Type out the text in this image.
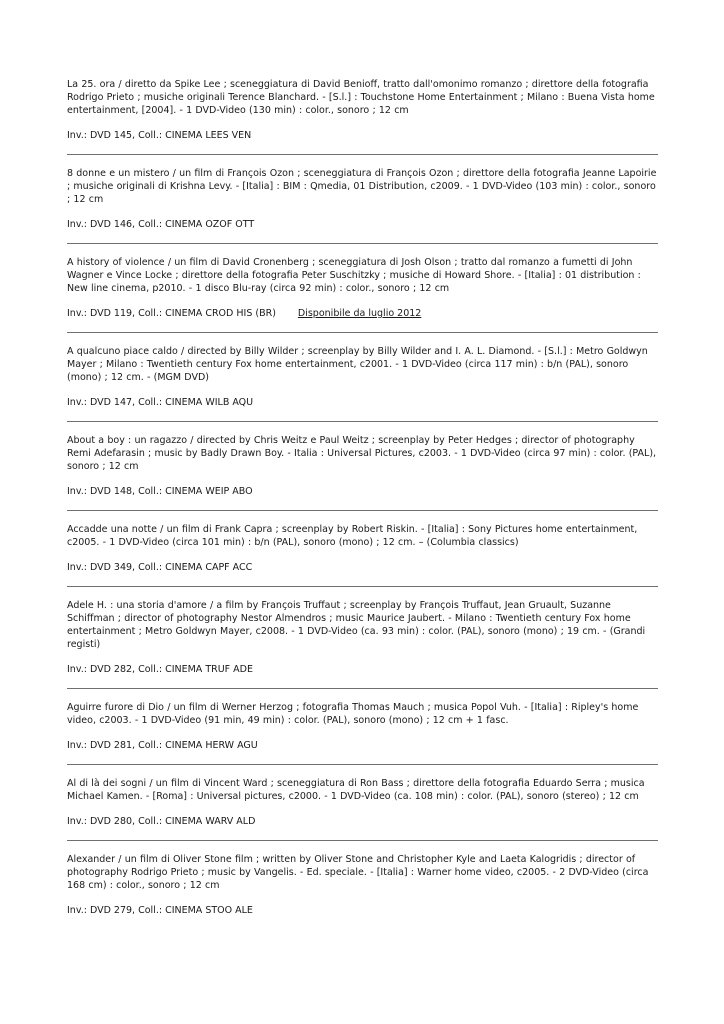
La 25. ora / diretto da Spike Lee ; sceneggiatura di David Benioff, tratto dall'omonimo romanzo ; direttore della fotografia Rodrigo Prieto ; musiche originali Terence Blanchard. - [S.l.] : Touchstone Home Entertainment ; Milano : Buena Vista home entertainment, [2004]. - 1 DVD-Video (130 min) : color., sonoro ; 12 cm

Inv.: DVD 145, Coll.: CINEMA LEES VEN

8 donne e un mistero / un film di François Ozon ; sceneggiatura di François Ozon ; direttore della fotografia Jeanne Lapoirie ; musiche originali di Krishna Levy. - [Italia] : BIM : Qmedia, 01 Distribution, c2009. - 1 DVD-Video (103 min) : color., sonoro ; 12 cm

Inv.: DVD 146, Coll.: CINEMA OZOF OTT

A history of violence / un film di David Cronenberg ; sceneggiatura di Josh Olson ; tratto dal romanzo a fumetti di John Wagner e Vince Locke ; direttore della fotografia Peter Suschitzky ; musiche di Howard Shore. - [Italia] : 01 distribution : New line cinema, p2010. - 1 disco Blu-ray (circa 92 min) : color., sonoro ; 12 cm

Inv.: DVD 119, Coll.: CINEMA CROD HIS (BR) Disponibile da luglio 2012

A qualcuno piace caldo / directed by Billy Wilder ; screenplay by Billy Wilder and I. A. L. Diamond. - [S.l.] : Metro Goldwyn Mayer ; Milano : Twentieth century Fox home entertainment, c2001. - 1 DVD-Video (circa 117 min) : b/n (PAL), sonoro (mono) ; 12 cm. - (MGM DVD)

Inv.: DVD 147, Coll.: CINEMA WILB AQU

About a boy : un ragazzo / directed by Chris Weitz e Paul Weitz ; screenplay by Peter Hedges ; director of photography Remi Adefarasin ; music by Badly Drawn Boy. - Italia : Universal Pictures, c2003. - 1 DVD-Video (circa 97 min) : color. (PAL), sonoro ; 12 cm

Inv.: DVD 148, Coll.: CINEMA WEIP ABO

Accadde una notte / un film di Frank Capra ; screenplay by Robert Riskin. - [Italia] : Sony Pictures home entertainment, c2005. - 1 DVD-Video (circa 101 min) : b/n (PAL), sonoro (mono) ; 12 cm. – (Columbia classics)

Inv.: DVD 349, Coll.: CINEMA CAPF ACC

Adele H. : una storia d'amore / a film by François Truffaut ; screenplay by François Truffaut, Jean Gruault, Suzanne Schiffman ; director of photography Nestor Almendros ; music Maurice Jaubert. - Milano : Twentieth century Fox home entertainment ; Metro Goldwyn Mayer, c2008. - 1 DVD-Video (ca. 93 min) : color. (PAL), sonoro (mono) ; 19 cm. - (Grandi registi)

Inv.: DVD 282, Coll.: CINEMA TRUF ADE

Aguirre furore di Dio / un film di Werner Herzog ; fotografia Thomas Mauch ; musica Popol Vuh. - [Italia] : Ripley's home video, c2003. - 1 DVD-Video (91 min, 49 min) : color. (PAL), sonoro (mono) ; 12 cm + 1 fasc.

Inv.: DVD 281, Coll.: CINEMA HERW AGU

Al di là dei sogni / un film di Vincent Ward ; sceneggiatura di Ron Bass ; direttore della fotografia Eduardo Serra ; musica Michael Kamen. - [Roma] : Universal pictures, c2000. - 1 DVD-Video (ca. 108 min) : color. (PAL), sonoro (stereo) ; 12 cm

Inv.: DVD 280, Coll.: CINEMA WARV ALD

Alexander / un film di Oliver Stone film ; written by Oliver Stone and Christopher Kyle and Laeta Kalogridis ; director of photography Rodrigo Prieto ; music by Vangelis. - Ed. speciale. - [Italia] : Warner home video, c2005. - 2 DVD-Video (circa 168 cm) : color., sonoro ; 12 cm

Inv.: DVD 279, Coll.: CINEMA STOO ALE
